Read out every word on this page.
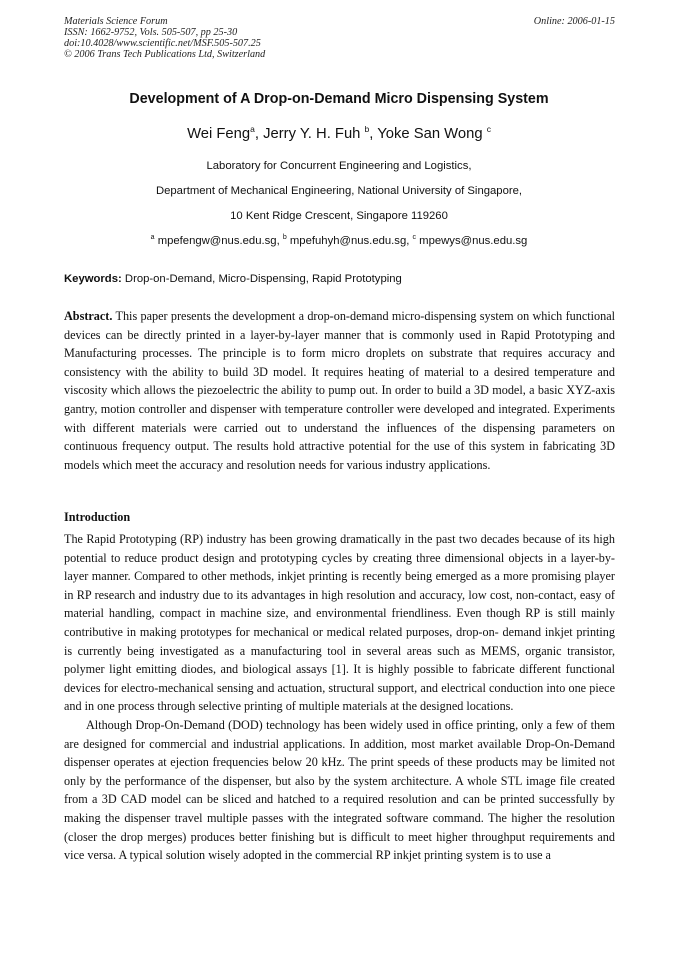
Materials Science Forum
ISSN: 1662-9752, Vols. 505-507, pp 25-30
doi:10.4028/www.scientific.net/MSF.505-507.25
© 2006 Trans Tech Publications Ltd, Switzerland
Online: 2006-01-15
Development of A Drop-on-Demand Micro Dispensing System
Wei Feng$^a$, Jerry Y. H. Fuh $^b$, Yoke San Wong $^c$
Laboratory for Concurrent Engineering and Logistics,
Department of Mechanical Engineering, National University of Singapore,
10 Kent Ridge Crescent, Singapore 119260
$^a$ mpefengw@nus.edu.sg, $^b$ mpefuhyh@nus.edu.sg, $^c$ mpewys@nus.edu.sg
Keywords: Drop-on-Demand, Micro-Dispensing, Rapid Prototyping
Abstract. This paper presents the development a drop-on-demand micro-dispensing system on which functional devices can be directly printed in a layer-by-layer manner that is commonly used in Rapid Prototyping and Manufacturing processes. The principle is to form micro droplets on substrate that requires accuracy and consistency with the ability to build 3D model. It requires heating of material to a desired temperature and viscosity which allows the piezoelectric the ability to pump out. In order to build a 3D model, a basic XYZ-axis gantry, motion controller and dispenser with temperature controller were developed and integrated. Experiments with different materials were carried out to understand the influences of the dispensing parameters on continuous frequency output. The results hold attractive potential for the use of this system in fabricating 3D models which meet the accuracy and resolution needs for various industry applications.
Introduction
The Rapid Prototyping (RP) industry has been growing dramatically in the past two decades because of its high potential to reduce product design and prototyping cycles by creating three dimensional objects in a layer-by-layer manner. Compared to other methods, inkjet printing is recently being emerged as a more promising player in RP research and industry due to its advantages in high resolution and accuracy, low cost, non-contact, easy of material handling, compact in machine size, and environmental friendliness. Even though RP is still mainly contributive in making prototypes for mechanical or medical related purposes, drop-on- demand inkjet printing is currently being investigated as a manufacturing tool in several areas such as MEMS, organic transistor, polymer light emitting diodes, and biological assays [1]. It is highly possible to fabricate different functional devices for electro-mechanical sensing and actuation, structural support, and electrical conduction into one piece and in one process through selective printing of multiple materials at the designed locations.
Although Drop-On-Demand (DOD) technology has been widely used in office printing, only a few of them are designed for commercial and industrial applications. In addition, most market available Drop-On-Demand dispenser operates at ejection frequencies below 20 kHz. The print speeds of these products may be limited not only by the performance of the dispenser, but also by the system architecture. A whole STL image file created from a 3D CAD model can be sliced and hatched to a required resolution and can be printed successfully by making the dispenser travel multiple passes with the integrated software command. The higher the resolution (closer the drop merges) produces better finishing but is difficult to meet higher throughput requirements and vice versa. A typical solution wisely adopted in the commercial RP inkjet printing system is to use a
